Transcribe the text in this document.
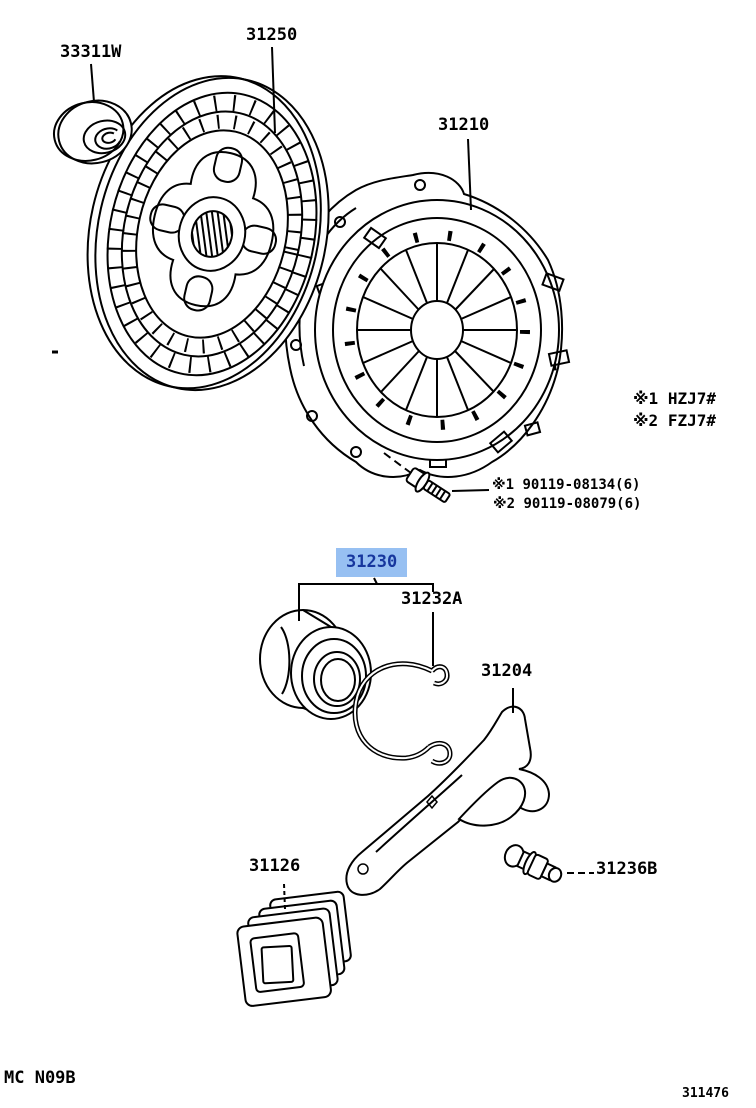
33311W
31250
31210
31230
31232A
31204
31126	31236B
※1 HZJ7#
※2 FZJ7#
※1 90119-08134(6)
※2 90119-08079(6)
MC N09B
311476
